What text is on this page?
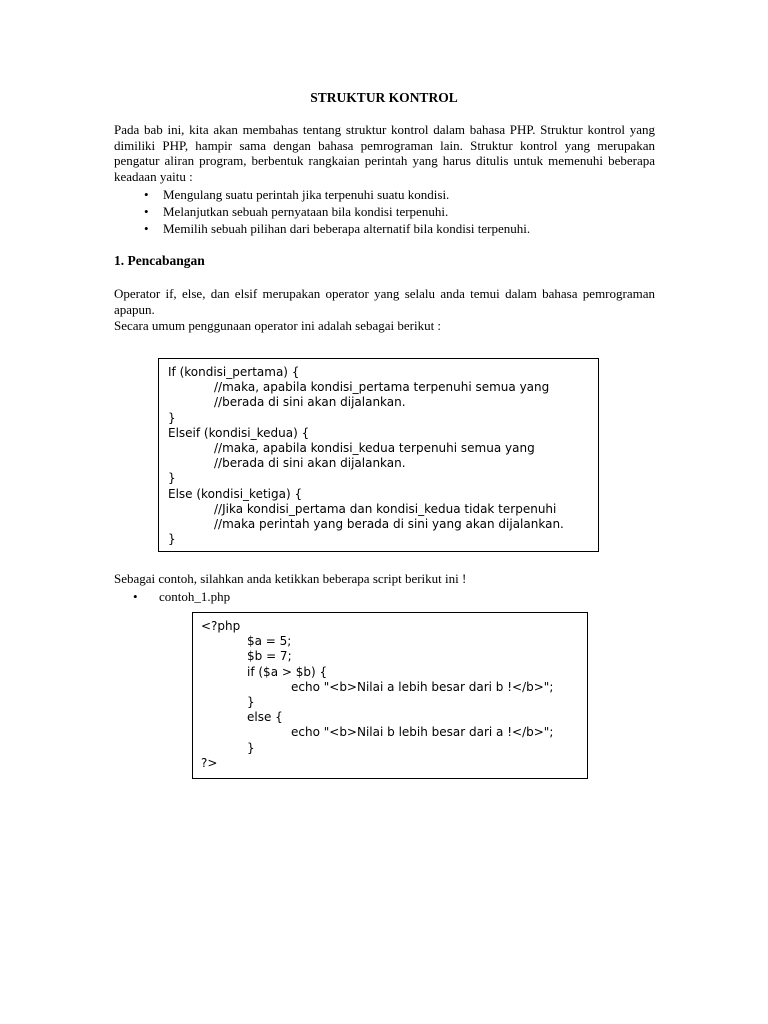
STRUKTUR KONTROL
Pada bab ini, kita akan membahas tentang struktur kontrol dalam bahasa PHP. Struktur kontrol yang dimiliki PHP, hampir sama dengan bahasa pemrograman lain. Struktur kontrol yang merupakan pengatur aliran program, berbentuk rangkaian perintah yang harus ditulis untuk memenuhi beberapa keadaan yaitu :
• Mengulang suatu perintah jika terpenuhi suatu kondisi.
• Melanjutkan sebuah pernyataan bila kondisi terpenuhi.
• Memilih sebuah pilihan dari beberapa alternatif bila kondisi terpenuhi.
1. Pencabangan
Operator if, else, dan elsif merupakan operator yang selalu anda temui dalam bahasa pemrograman apapun.
Secara umum penggunaan operator ini adalah sebagai berikut :
If (kondisi_pertama) {
//maka, apabila kondisi_pertama terpenuhi semua yang
//berada di sini akan dijalankan.
}
Elseif (kondisi_kedua) {
//maka, apabila kondisi_kedua terpenuhi semua yang
//berada di sini akan dijalankan.
}
Else (kondisi_ketiga) {
//Jika kondisi_pertama dan kondisi_kedua tidak terpenuhi
//maka perintah yang berada di sini yang akan dijalankan.
}
Sebagai contoh, silahkan anda ketikkan beberapa script berikut ini !
• contoh_1.php
<?php
$a = 5;
$b = 7;
if ($a > $b) {
echo "<b>Nilai a lebih besar dari b !</b>";
}
else {
echo "<b>Nilai b lebih besar dari a !</b>";
}
?>
